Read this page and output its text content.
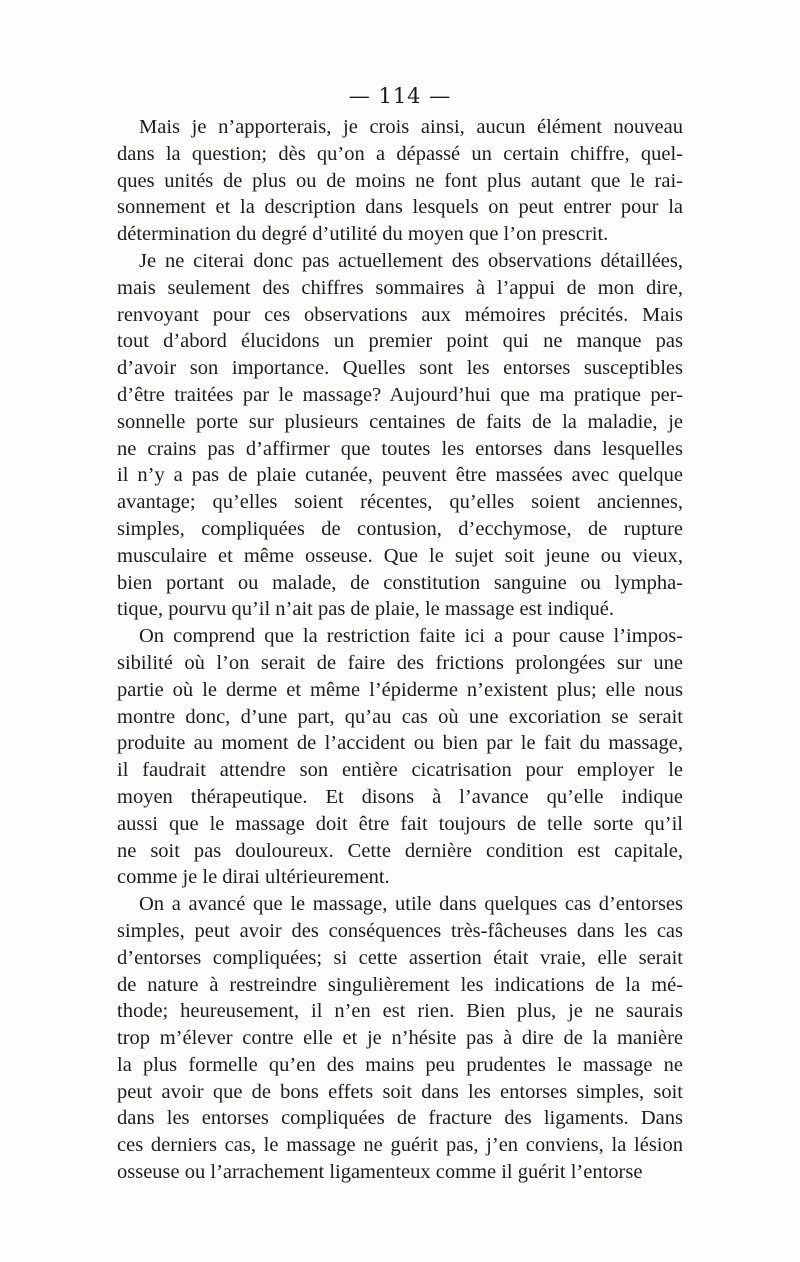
— 114 —
Mais je n’apporterais, je crois ainsi, aucun élément nouveau
dans la question; dès qu’on a dépassé un certain chiffre, quel-
ques unités de plus ou de moins ne font plus autant que le rai-
sonnement et la description dans lesquels on peut entrer pour la
détermination du degré d’utilité du moyen que l’on prescrit.
Je ne citerai donc pas actuellement des observations détaillées,
mais seulement des chiffres sommaires à l’appui de mon dire,
renvoyant pour ces observations aux mémoires précités. Mais
tout d’abord élucidons un premier point qui ne manque pas
d’avoir son importance. Quelles sont les entorses susceptibles
d’être traitées par le massage? Aujourd’hui que ma pratique per-
sonnelle porte sur plusieurs centaines de faits de la maladie, je
ne crains pas d’affirmer que toutes les entorses dans lesquelles
il n’y a pas de plaie cutanée, peuvent être massées avec quelque
avantage; qu’elles soient récentes, qu’elles soient anciennes,
simples, compliquées de contusion, d’ecchymose, de rupture
musculaire et même osseuse. Que le sujet soit jeune ou vieux,
bien portant ou malade, de constitution sanguine ou lympha-
tique, pourvu qu’il n’ait pas de plaie, le massage est indiqué.
On comprend que la restriction faite ici a pour cause l’impos-
sibilité où l’on serait de faire des frictions prolongées sur une
partie où le derme et même l’épiderme n’existent plus; elle nous
montre donc, d’une part, qu’au cas où une excoriation se serait
produite au moment de l’accident ou bien par le fait du massage,
il faudrait attendre son entière cicatrisation pour employer le
moyen thérapeutique. Et disons à l’avance qu’elle indique
aussi que le massage doit être fait toujours de telle sorte qu’il
ne soit pas douloureux. Cette dernière condition est capitale,
comme je le dirai ultérieurement.
On a avancé que le massage, utile dans quelques cas d’entorses
simples, peut avoir des conséquences très-fâcheuses dans les cas
d’entorses compliquées; si cette assertion était vraie, elle serait
de nature à restreindre singulièrement les indications de la mé-
thode; heureusement, il n’en est rien. Bien plus, je ne saurais
trop m’élever contre elle et je n’hésite pas à dire de la manière
la plus formelle qu’en des mains peu prudentes le massage ne
peut avoir que de bons effets soit dans les entorses simples, soit
dans les entorses compliquées de fracture des ligaments. Dans
ces derniers cas, le massage ne guérit pas, j’en conviens, la lésion
osseuse ou l’arrachement ligamenteux comme il guérit l’entorse
